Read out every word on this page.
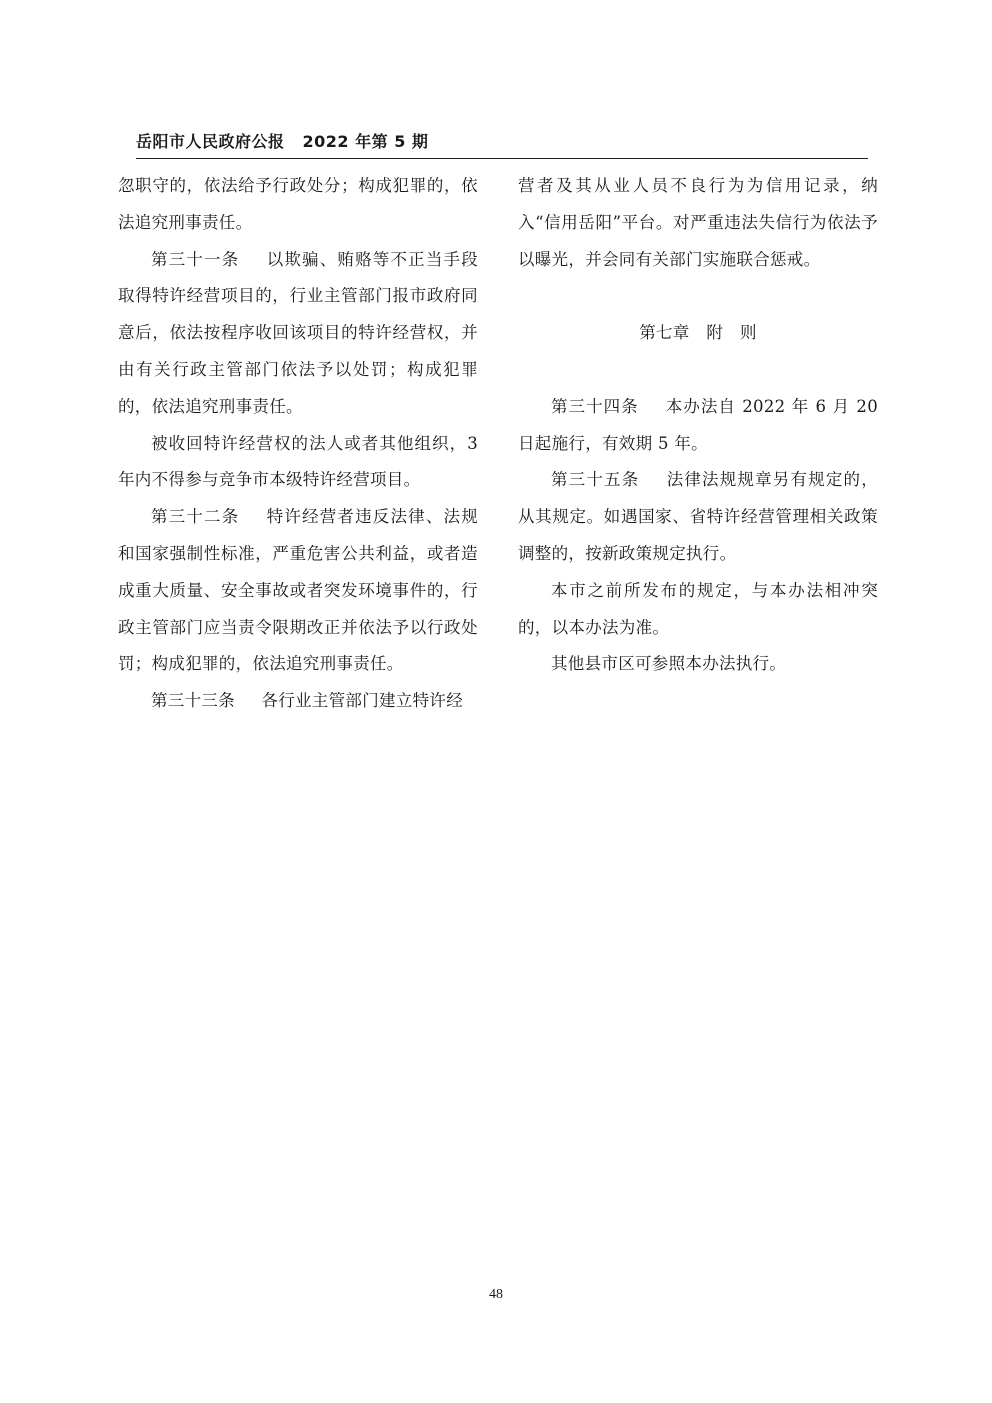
岳阳市人民政府公报 2022 年第 5 期

忽职守的，依法给予行政处分；构成犯罪的，依法追究刑事责任。

第三十一条 以欺骗、贿赂等不正当手段取得特许经营项目的，行业主管部门报市政府同意后，依法按程序收回该项目的特许经营权，并由有关行政主管部门依法予以处罚；构成犯罪的，依法追究刑事责任。

被收回特许经营权的法人或者其他组织，3年内不得参与竞争市本级特许经营项目。

第三十二条 特许经营者违反法律、法规和国家强制性标准，严重危害公共利益，或者造成重大质量、安全事故或者突发环境事件的，行政主管部门应当责令限期改正并依法予以行政处罚；构成犯罪的，依法追究刑事责任。

第三十三条 各行业主管部门建立特许经

营者及其从业人员不良行为为信用记录，纳入“信用岳阳”平台。对严重违法失信行为依法予以曝光，并会同有关部门实施联合惩戒。

第七章　附　则

第三十四条 本办法自 2022 年 6 月 20 日起施行，有效期 5 年。

第三十五条 法律法规规章另有规定的，从其规定。如遇国家、省特许经营管理相关政策调整的，按新政策规定执行。

本市之前所发布的规定，与本办法相冲突的，以本办法为准。

其他县市区可参照本办法执行。

48
